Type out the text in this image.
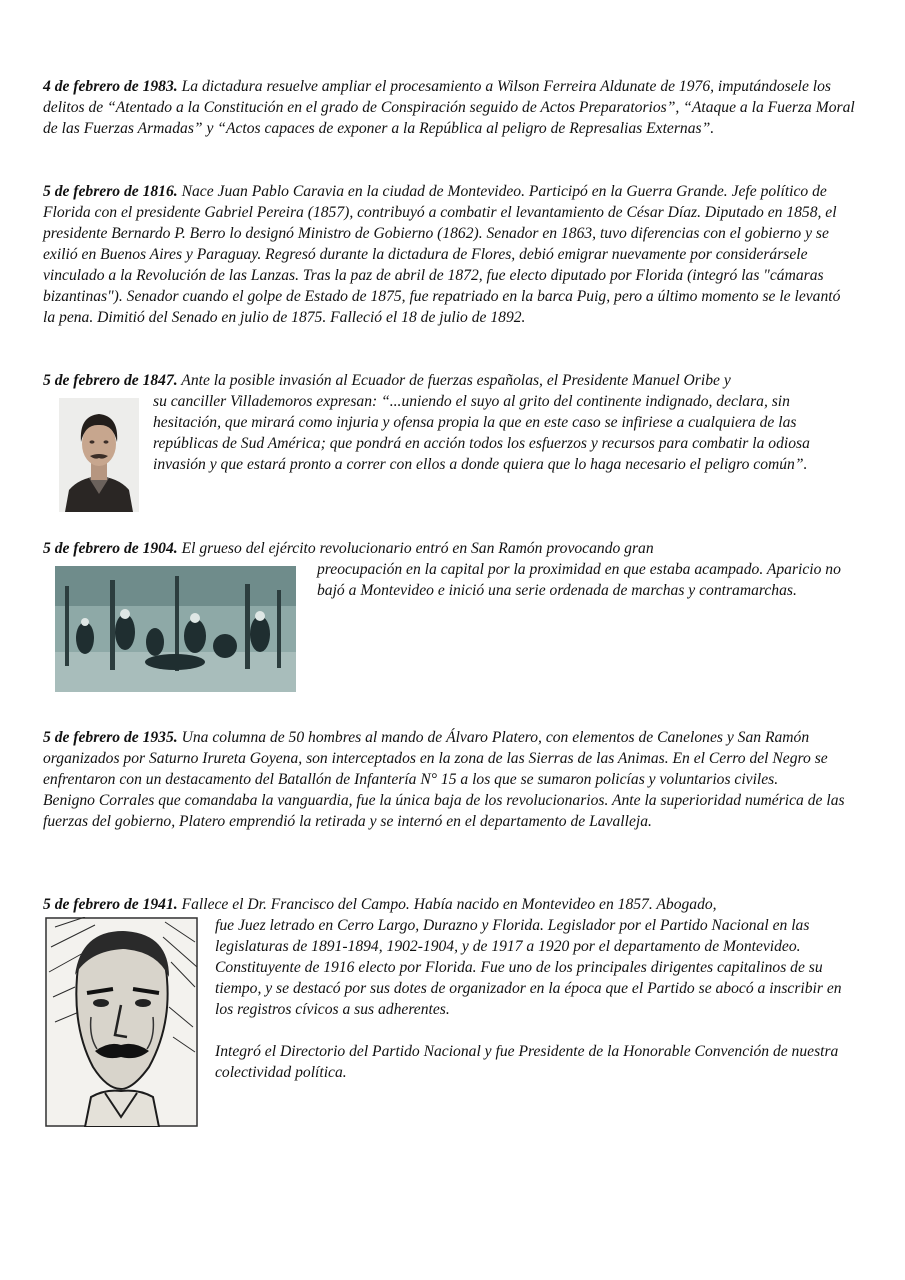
4 de febrero de 1983. La dictadura resuelve ampliar el procesamiento a Wilson Ferreira Aldunate de 1976, imputándosele los delitos de “Atentado a la Constitución en el grado de Conspiración seguido de Actos Preparatorios”, “Ataque a la Fuerza Moral de las Fuerzas Armadas” y “Actos capaces de exponer a la República al peligro de Represalias Externas”.

5 de febrero de 1816. Nace Juan Pablo Caravia en la ciudad de Montevideo. Participó en la Guerra Grande. Jefe político de Florida con el presidente Gabriel Pereira (1857), contribuyó a combatir el levantamiento de César Díaz. Diputado en 1858, el presidente Bernardo P. Berro lo designó Ministro de Gobierno (1862). Senador en 1863, tuvo diferencias con el gobierno y se exilió en Buenos Aires y Paraguay. Regresó durante la dictadura de Flores, debió emigrar nuevamente por considerársele vinculado a la Revolución de las Lanzas. Tras la paz de abril de 1872, fue electo diputado por Florida (integró las "cámaras bizantinas"). Senador cuando el golpe de Estado de 1875, fue repatriado en la barca Puig, pero a último momento se le levantó la pena. Dimitió del Senado en julio de 1875. Falleció el 18 de julio de 1892.

5 de febrero de 1847. Ante la posible invasión al Ecuador de fuerzas españolas, el Presidente Manuel Oribe y

su canciller Villademoros expresan: “...uniendo el suyo al grito del continente indignado, declara, sin hesitación, que mirará como injuria y ofensa propia la que en este caso se infiriese a cualquiera de las repúblicas de Sud América; que pondrá en acción todos los esfuerzos y recursos para combatir la odiosa invasión y que estará pronto a correr con ellos a donde quiera que lo haga necesario el peligro común”.

5 de febrero de 1904. El grueso del ejército revolucionario entró en San Ramón provocando gran

preocupación en la capital por la proximidad en que estaba acampado. Aparicio no bajó a Montevideo e inició una serie ordenada de marchas y contramarchas.

5 de febrero de 1935. Una columna de 50 hombres al mando de Álvaro Platero, con elementos de Canelones y San Ramón organizados por Saturno Irureta Goyena, son interceptados en la zona de las Sierras de las Animas. En el Cerro del Negro se enfrentaron con un destacamento del Batallón de Infantería N° 15 a los que se sumaron policías y voluntarios civiles.

Benigno Corrales que comandaba la vanguardia, fue la única baja de los revolucionarios. Ante la superioridad numérica de las fuerzas del gobierno, Platero emprendió la retirada y se internó en el departamento de Lavalleja.

5 de febrero de 1941. Fallece el Dr. Francisco del Campo. Había nacido en Montevideo en 1857. Abogado,

fue Juez letrado en Cerro Largo, Durazno y Florida. Legislador por el Partido Nacional en las legislaturas de 1891-1894, 1902-1904, y de 1917 a 1920 por el departamento de Montevideo. Constituyente de 1916 electo por Florida. Fue uno de los principales dirigentes capitalinos de su tiempo, y se destacó por sus dotes de organizador en la época que el Partido se abocó a inscribir en los registros cívicos a sus adherentes.

Integró el Directorio del Partido Nacional y fue Presidente de la Honorable Convención de nuestra colectividad política.
